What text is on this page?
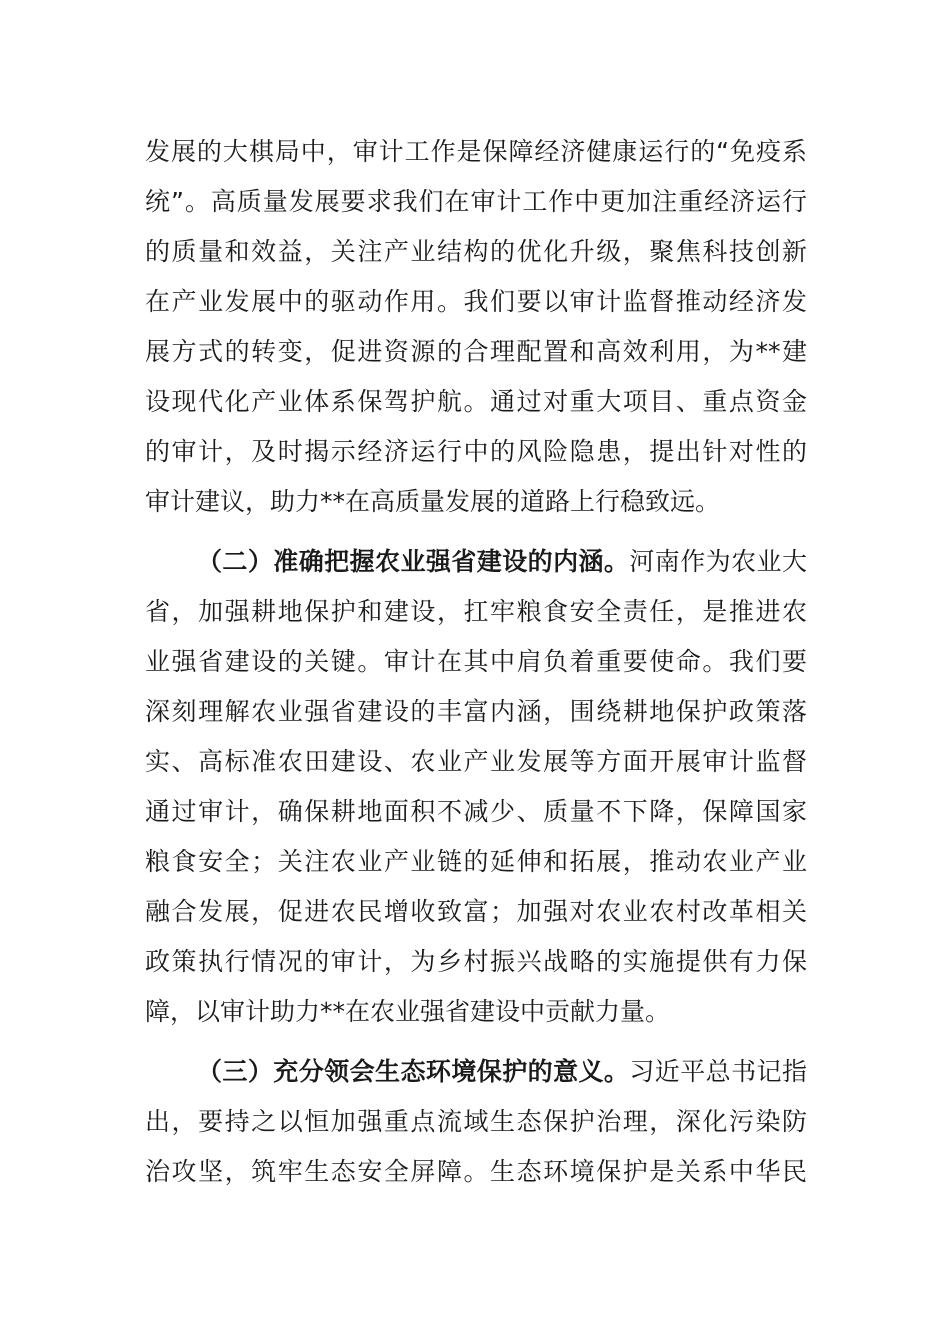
发展的大棋局中，审计工作是保障经济健康运行的“免疫系
统”。高质量发展要求我们在审计工作中更加注重经济运行
的质量和效益，关注产业结构的优化升级，聚焦科技创新
在产业发展中的驱动作用。我们要以审计监督推动经济发
展方式的转变，促进资源的合理配置和高效利用，为**建
设现代化产业体系保驾护航。通过对重大项目、重点资金
的审计，及时揭示经济运行中的风险隐患，提出针对性的
审计建议，助力**在高质量发展的道路上行稳致远。
（二）准确把握农业强省建设的内涵。河南作为农业大
省，加强耕地保护和建设，扛牢粮食安全责任，是推进农
业强省建设的关键。审计在其中肩负着重要使命。我们要
深刻理解农业强省建设的丰富内涵，围绕耕地保护政策落
实、高标准农田建设、农业产业发展等方面开展审计监督
通过审计，确保耕地面积不减少、质量不下降，保障国家
粮食安全；关注农业产业链的延伸和拓展，推动农业产业
融合发展，促进农民增收致富；加强对农业农村改革相关
政策执行情况的审计，为乡村振兴战略的实施提供有力保
障，以审计助力**在农业强省建设中贡献力量。
（三）充分领会生态环境保护的意义。习近平总书记指
出，要持之以恒加强重点流域生态保护治理，深化污染防
治攻坚，筑牢生态安全屏障。生态环境保护是关系中华民
